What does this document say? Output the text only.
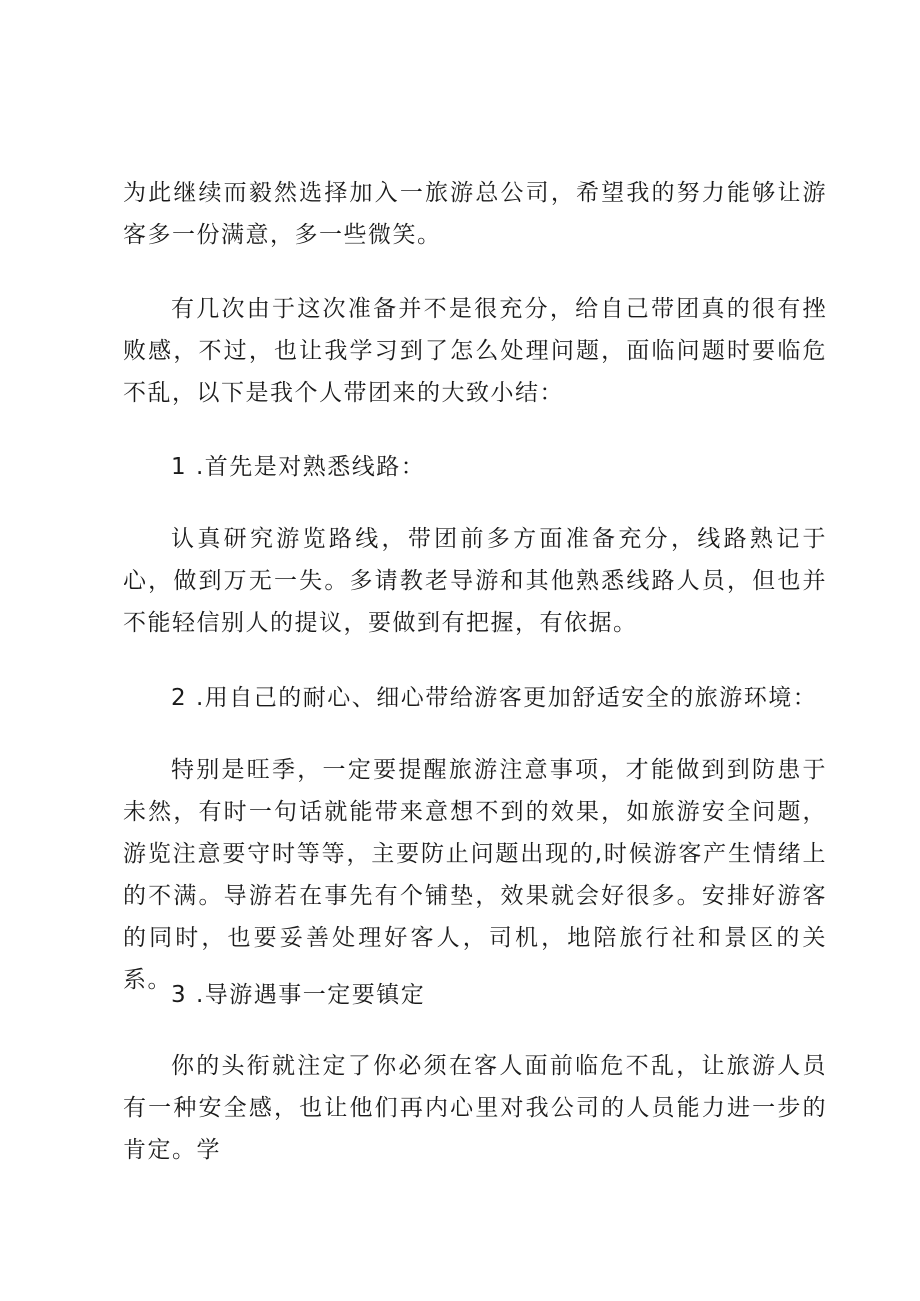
为此继续而毅然选择加入一旅游总公司，希望我的努力能够让游客多一份满意，多一些微笑。

有几次由于这次准备并不是很充分，给自己带团真的很有挫败感，不过，也让我学习到了怎么处理问题，面临问题时要临危不乱，以下是我个人带团来的大致小结：

1 .首先是对熟悉线路：

认真研究游览路线，带团前多方面准备充分，线路熟记于心，做到万无一失。多请教老导游和其他熟悉线路人员，但也并不能轻信别人的提议，要做到有把握，有依据。

2 .用自己的耐心、细心带给游客更加舒适安全的旅游环境：

特别是旺季，一定要提醒旅游注意事项，才能做到到防患于未然，有时一句话就能带来意想不到的效果，如旅游安全问题，游览注意要守时等等，主要防止问题出现的,时候游客产生情绪上的不满。导游若在事先有个铺垫，效果就会好很多。安排好游客的同时，也要妥善处理好客人，司机，地陪旅行社和景区的关系。

3 .导游遇事一定要镇定

你的头衔就注定了你必须在客人面前临危不乱，让旅游人员有一种安全感，也让他们再内心里对我公司的人员能力进一步的肯定。学
